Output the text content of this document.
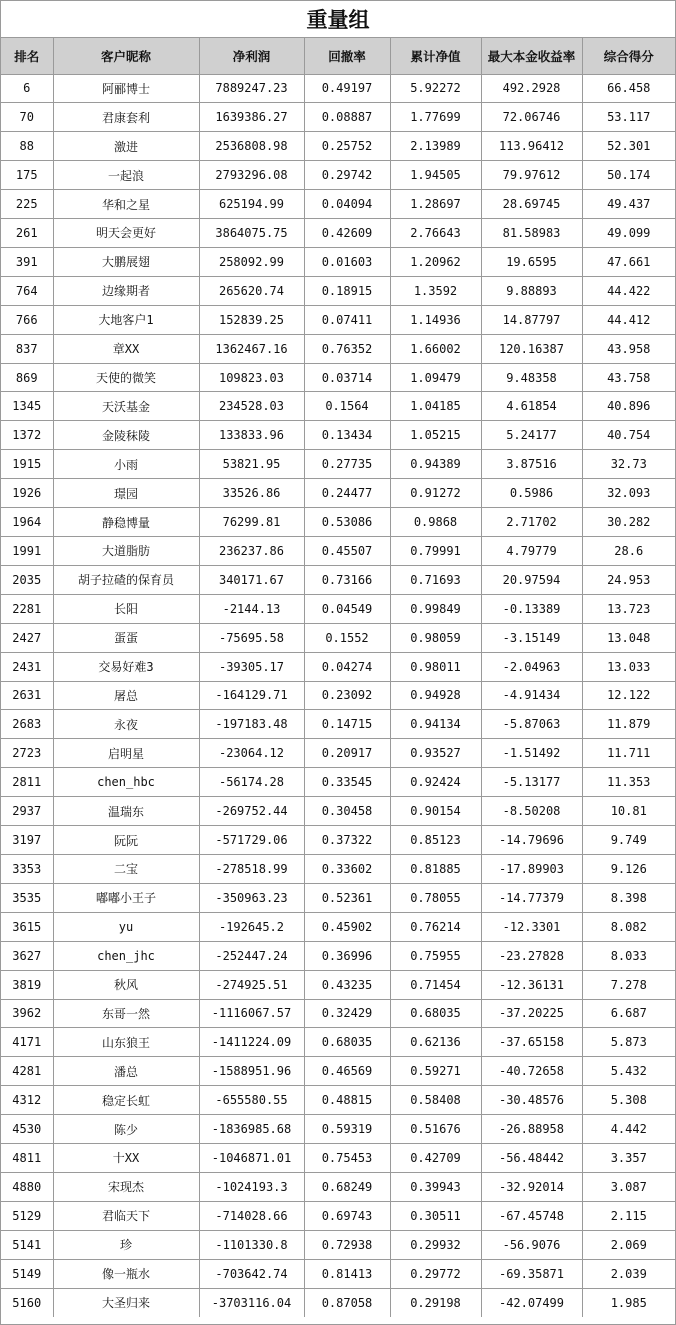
重量组
排名	客户昵称	净利润	回撤率	累计净值	最大本金收益率	综合得分
6	阿郦博士	7889247.23	0.49197	5.92272	492.2928	66.458
70	君康套利	1639386.27	0.08887	1.77699	72.06746	53.117
88	激进	2536808.98	0.25752	2.13989	113.96412	52.301
175	一起浪	2793296.08	0.29742	1.94505	79.97612	50.174
225	华和之星	625194.99	0.04094	1.28697	28.69745	49.437
261	明天会更好	3864075.75	0.42609	2.76643	81.58983	49.099
391	大鹏展翅	258092.99	0.01603	1.20962	19.6595	47.661
764	边缘期者	265620.74	0.18915	1.3592	9.88893	44.422
766	大地客户1	152839.25	0.07411	1.14936	14.87797	44.412
837	章XX	1362467.16	0.76352	1.66002	120.16387	43.958
869	天使的微笑	109823.03	0.03714	1.09479	9.48358	43.758
1345	天沃基金	234528.03	0.1564	1.04185	4.61854	40.896
1372	金陵秣陵	133833.96	0.13434	1.05215	5.24177	40.754
1915	小雨	53821.95	0.27735	0.94389	3.87516	32.73
1926	璟园	33526.86	0.24477	0.91272	0.5986	32.093
1964	静稳博量	76299.81	0.53086	0.9868	2.71702	30.282
1991	大道脂肪	236237.86	0.45507	0.79991	4.79779	28.6
2035	胡子拉碴的保育员	340171.67	0.73166	0.71693	20.97594	24.953
2281	长阳	-2144.13	0.04549	0.99849	-0.13389	13.723
2427	蛋蛋	-75695.58	0.1552	0.98059	-3.15149	13.048
2431	交易好难3	-39305.17	0.04274	0.98011	-2.04963	13.033
2631	屠总	-164129.71	0.23092	0.94928	-4.91434	12.122
2683	永夜	-197183.48	0.14715	0.94134	-5.87063	11.879
2723	启明星	-23064.12	0.20917	0.93527	-1.51492	11.711
2811	chen_hbc	-56174.28	0.33545	0.92424	-5.13177	11.353
2937	温瑞东	-269752.44	0.30458	0.90154	-8.50208	10.81
3197	阮阮	-571729.06	0.37322	0.85123	-14.79696	9.749
3353	二宝	-278518.99	0.33602	0.81885	-17.89903	9.126
3535	嘟嘟小王子	-350963.23	0.52361	0.78055	-14.77379	8.398
3615	yu	-192645.2	0.45902	0.76214	-12.3301	8.082
3627	chen_jhc	-252447.24	0.36996	0.75955	-23.27828	8.033
3819	秋风	-274925.51	0.43235	0.71454	-12.36131	7.278
3962	东哥一然	-1116067.57	0.32429	0.68035	-37.20225	6.687
4171	山东狼王	-1411224.09	0.68035	0.62136	-37.65158	5.873
4281	潘总	-1588951.96	0.46569	0.59271	-40.72658	5.432
4312	稳定长虹	-655580.55	0.48815	0.58408	-30.48576	5.308
4530	陈少	-1836985.68	0.59319	0.51676	-26.88958	4.442
4811	十XX	-1046871.01	0.75453	0.42709	-56.48442	3.357
4880	宋现杰	-1024193.3	0.68249	0.39943	-32.92014	3.087
5129	君临天下	-714028.66	0.69743	0.30511	-67.45748	2.115
5141	珍	-1101330.8	0.72938	0.29932	-56.9076	2.069
5149	像一瓶水	-703642.74	0.81413	0.29772	-69.35871	2.039
5160	大圣归来	-3703116.04	0.87058	0.29198	-42.07499	1.985
